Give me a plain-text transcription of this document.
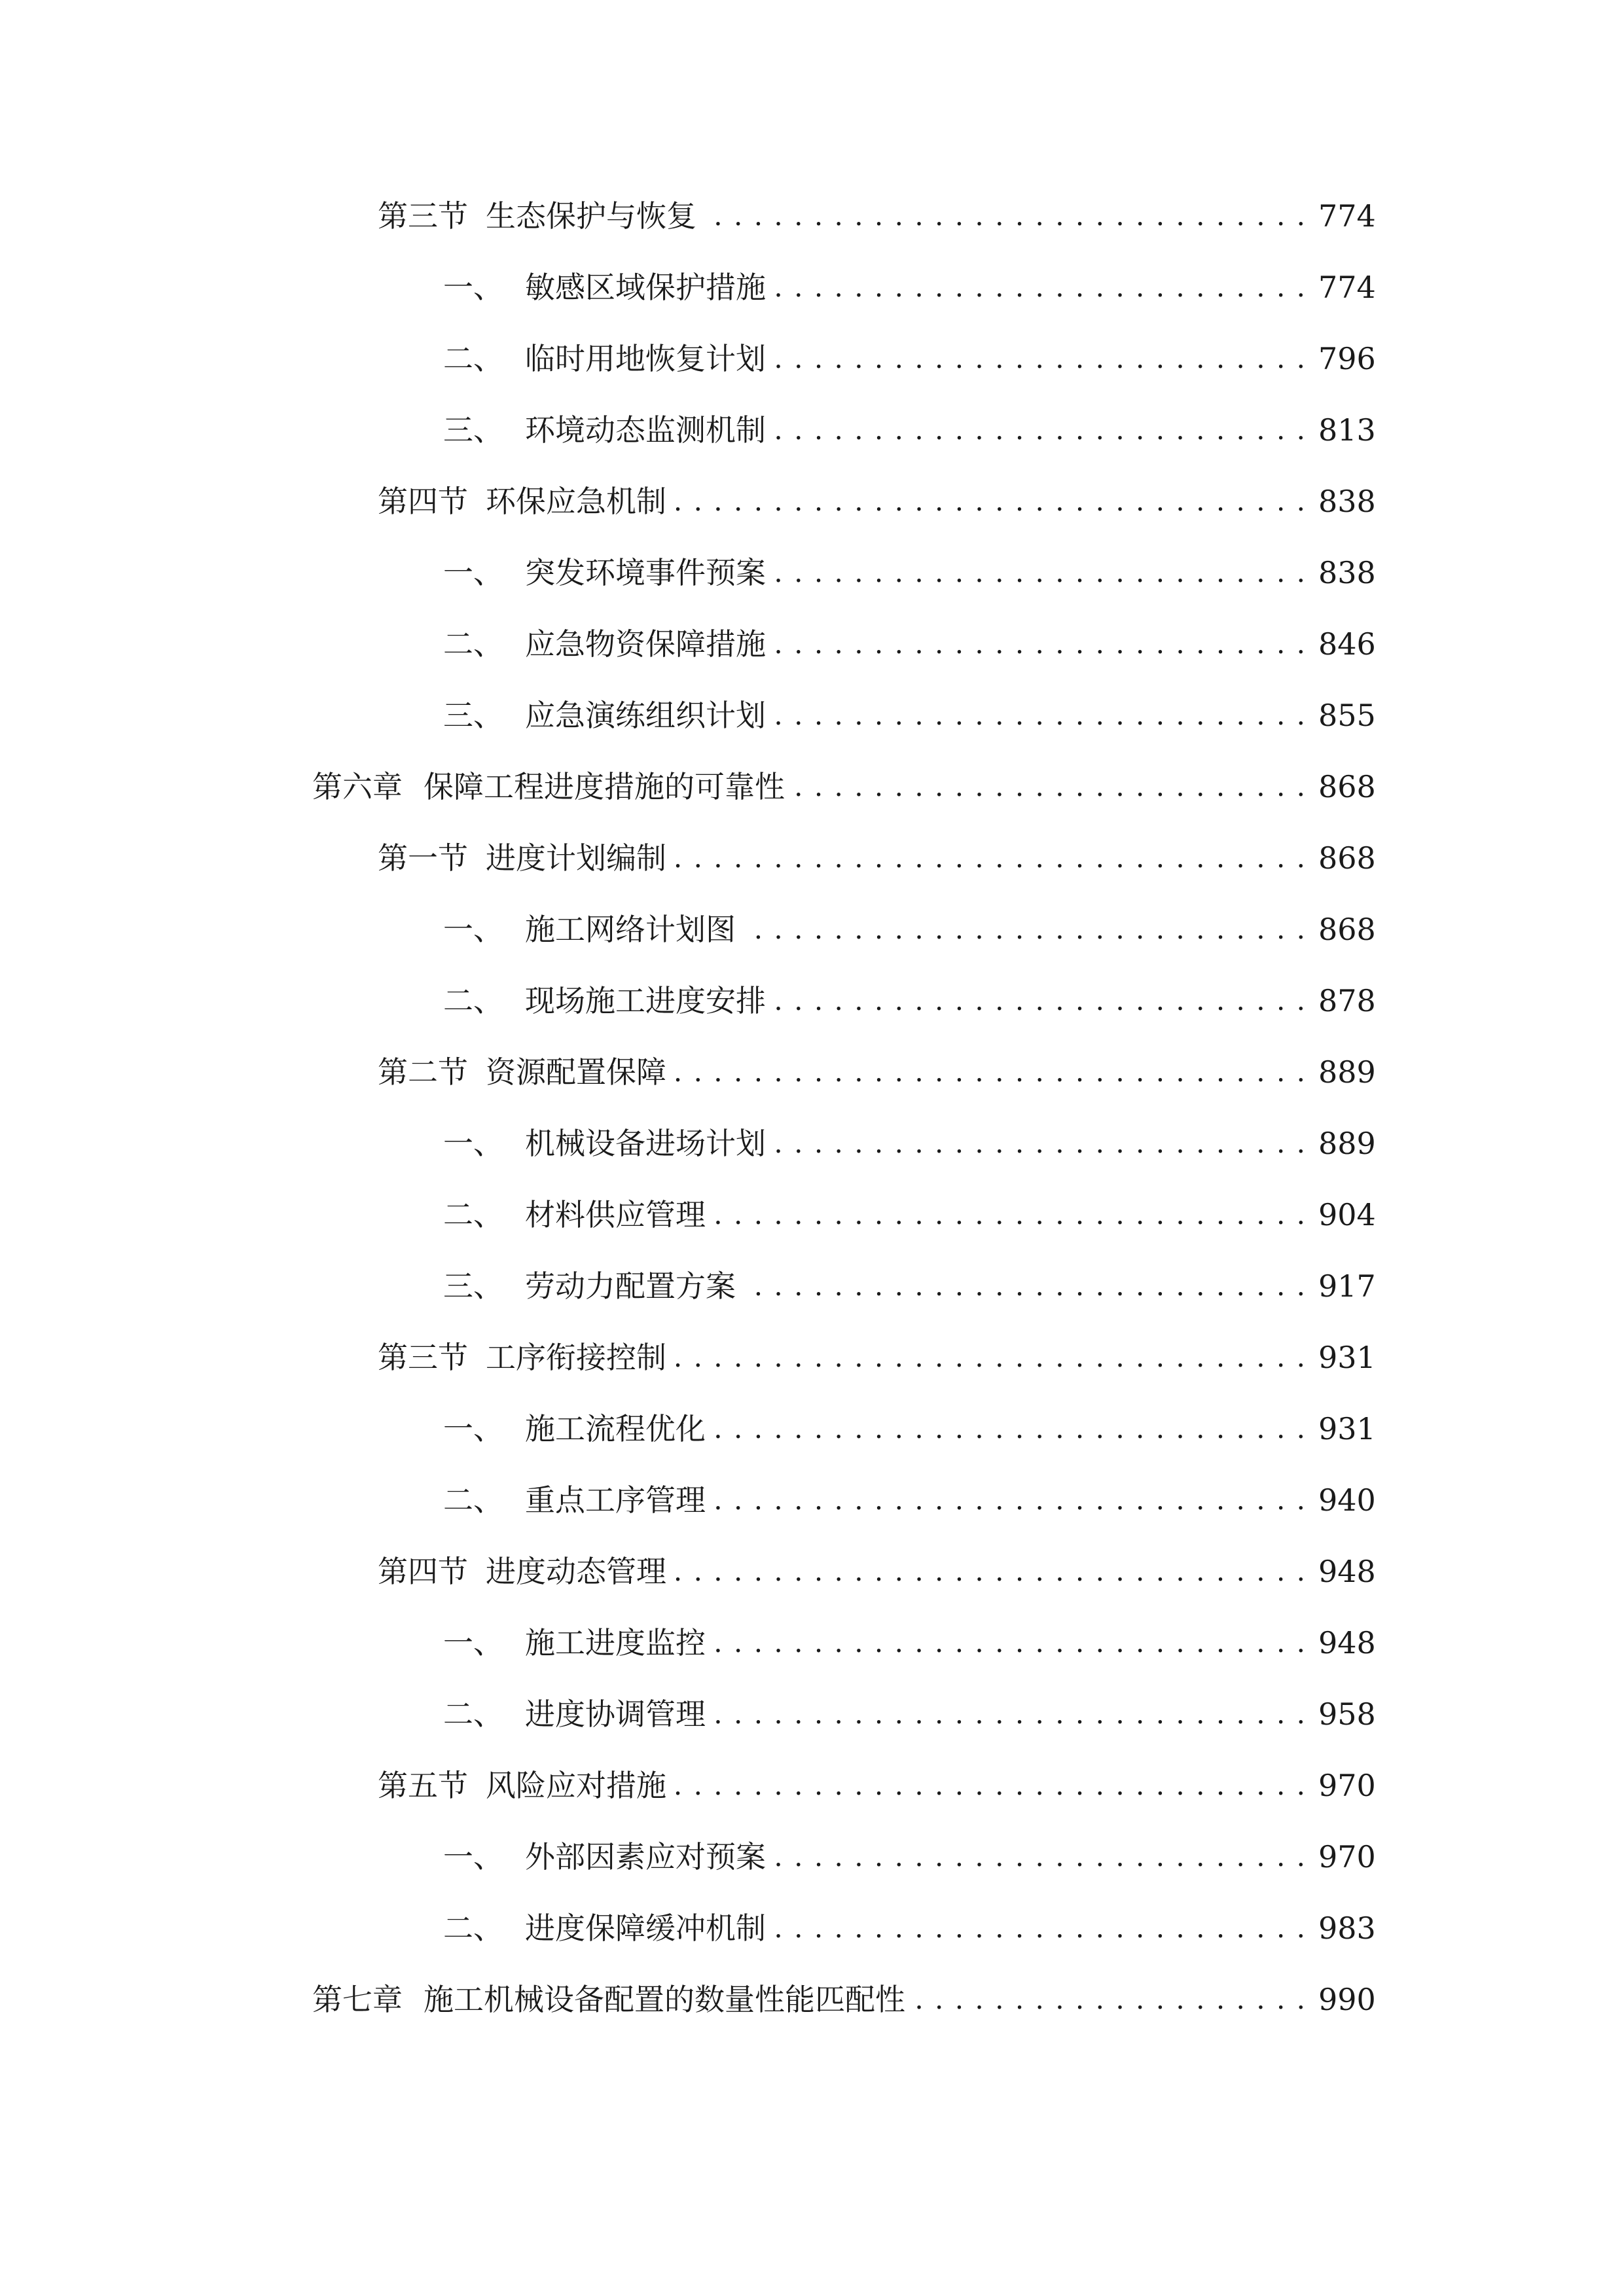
第三节 生态保护与恢复 . . .	774
一、 敏感区域保护措施 . . .	774
二、 临时用地恢复计划 . . .	796
三、 环境动态监测机制 . . .	813
第四节 环保应急机制 . . .	838
一、 突发环境事件预案 . . .	838
二、 应急物资保障措施 . . .	846
三、 应急演练组织计划 . . .	855
第六章 保障工程进度措施的可靠性 . . .	868
第一节 进度计划编制 . . .	868
一、 施工网络计划图 . . .	868
二、 现场施工进度安排 . . .	878
第二节 资源配置保障 . . .	889
一、 机械设备进场计划 . . .	889
二、 材料供应管理 . . .	904
三、 劳动力配置方案 . . .	917
第三节 工序衔接控制 . . .	931
一、 施工流程优化 . . .	931
二、 重点工序管理 . . .	940
第四节 进度动态管理 . . .	948
一、 施工进度监控 . . .	948
二、 进度协调管理 . . .	958
第五节 风险应对措施 . . .	970
一、 外部因素应对预案 . . .	970
二、 进度保障缓冲机制 . . .	983
第七章 施工机械设备配置的数量性能匹配性 . . .	990
